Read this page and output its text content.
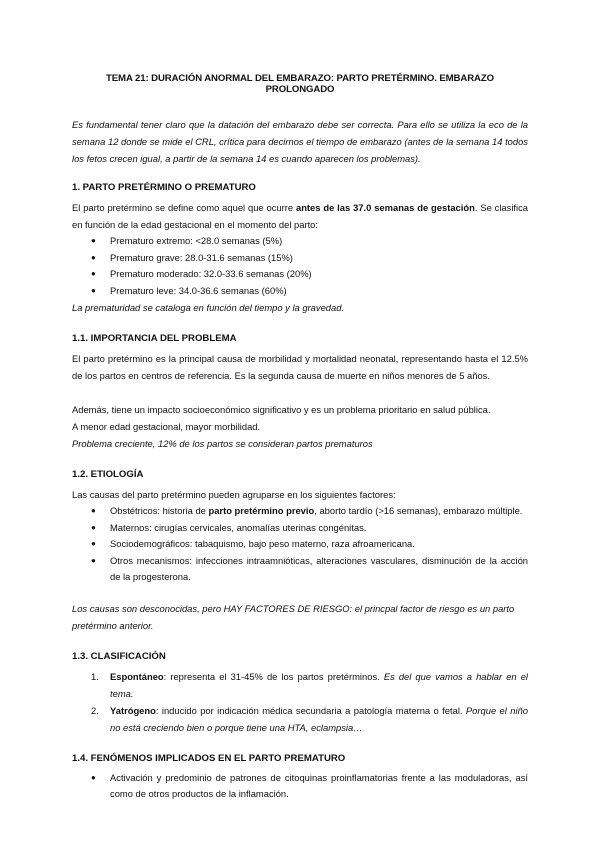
TEMA 21: DURACIÓN ANORMAL DEL EMBARAZO: PARTO PRETÉRMINO. EMBARAZO PROLONGADO

Es fundamental tener claro que la datación del embarazo debe ser correcta. Para ello se utiliza la eco de la semana 12 donde se mide el CRL, crítica para decirnos el tiempo de embarazo (antes de la semana 14 todos los fetos crecen igual, a partir de la semana 14 es cuando aparecen los problemas).

1. PARTO PRETÉRMINO O PREMATURO

El parto pretérmino se define como aquel que ocurre antes de las 37.0 semanas de gestación. Se clasifica en función de la edad gestacional en el momento del parto:

● Prematuro extremo: <28.0 semanas (5%)
● Prematuro grave: 28.0-31.6 semanas (15%)
● Prematuro moderado: 32.0-33.6 semanas (20%)
● Prematuro leve: 34.0-36.6 semanas (60%)

La prematuridad se cataloga en función del tiempo y la gravedad.

1.1. IMPORTANCIA DEL PROBLEMA

El parto pretérmino es la principal causa de morbilidad y mortalidad neonatal, representando hasta el 12.5% de los partos en centros de referencia. Es la segunda causa de muerte en niños menores de 5 años.

Además, tiene un impacto socioeconómico significativo y es un problema prioritario en salud pública.

A menor edad gestacional, mayor morbilidad.

Problema creciente, 12% de los partos se consideran partos prematuros

1.2. ETIOLOGÍA

Las causas del parto pretérmino pueden agruparse en los siguientes factores:

● Obstétricos: historia de parto pretérmino previo, aborto tardío (>16 semanas), embarazo múltiple.
● Maternos: cirugías cervicales, anomalías uterinas congénitas.
● Sociodemográficos: tabaquismo, bajo peso materno, raza afroamericana.
● Otros mecanismos: infecciones intraamnióticas, alteraciones vasculares, disminución de la acción de la progesterona.

Los causas son desconocidas, pero HAY FACTORES DE RIESGO: el princpal factor de riesgo es un parto pretérmino anterior.

1.3. CLASIFICACIÓN
1. Espontáneo: representa el 31-45% de los partos pretérminos. Es del que vamos a hablar en el tema.
2. Yatrógeno: inducido por indicación médica secundaria a patología materna o fetal. Porque el niño no está creciendo bien o porque tiene una HTA, eclampsia…
1.4. FENÓMENOS IMPLICADOS EN EL PARTO PREMATURO
● Activación y predominio de patrones de citoquinas proinflamatorias frente a las moduladoras, así como de otros productos de la inflamación.
